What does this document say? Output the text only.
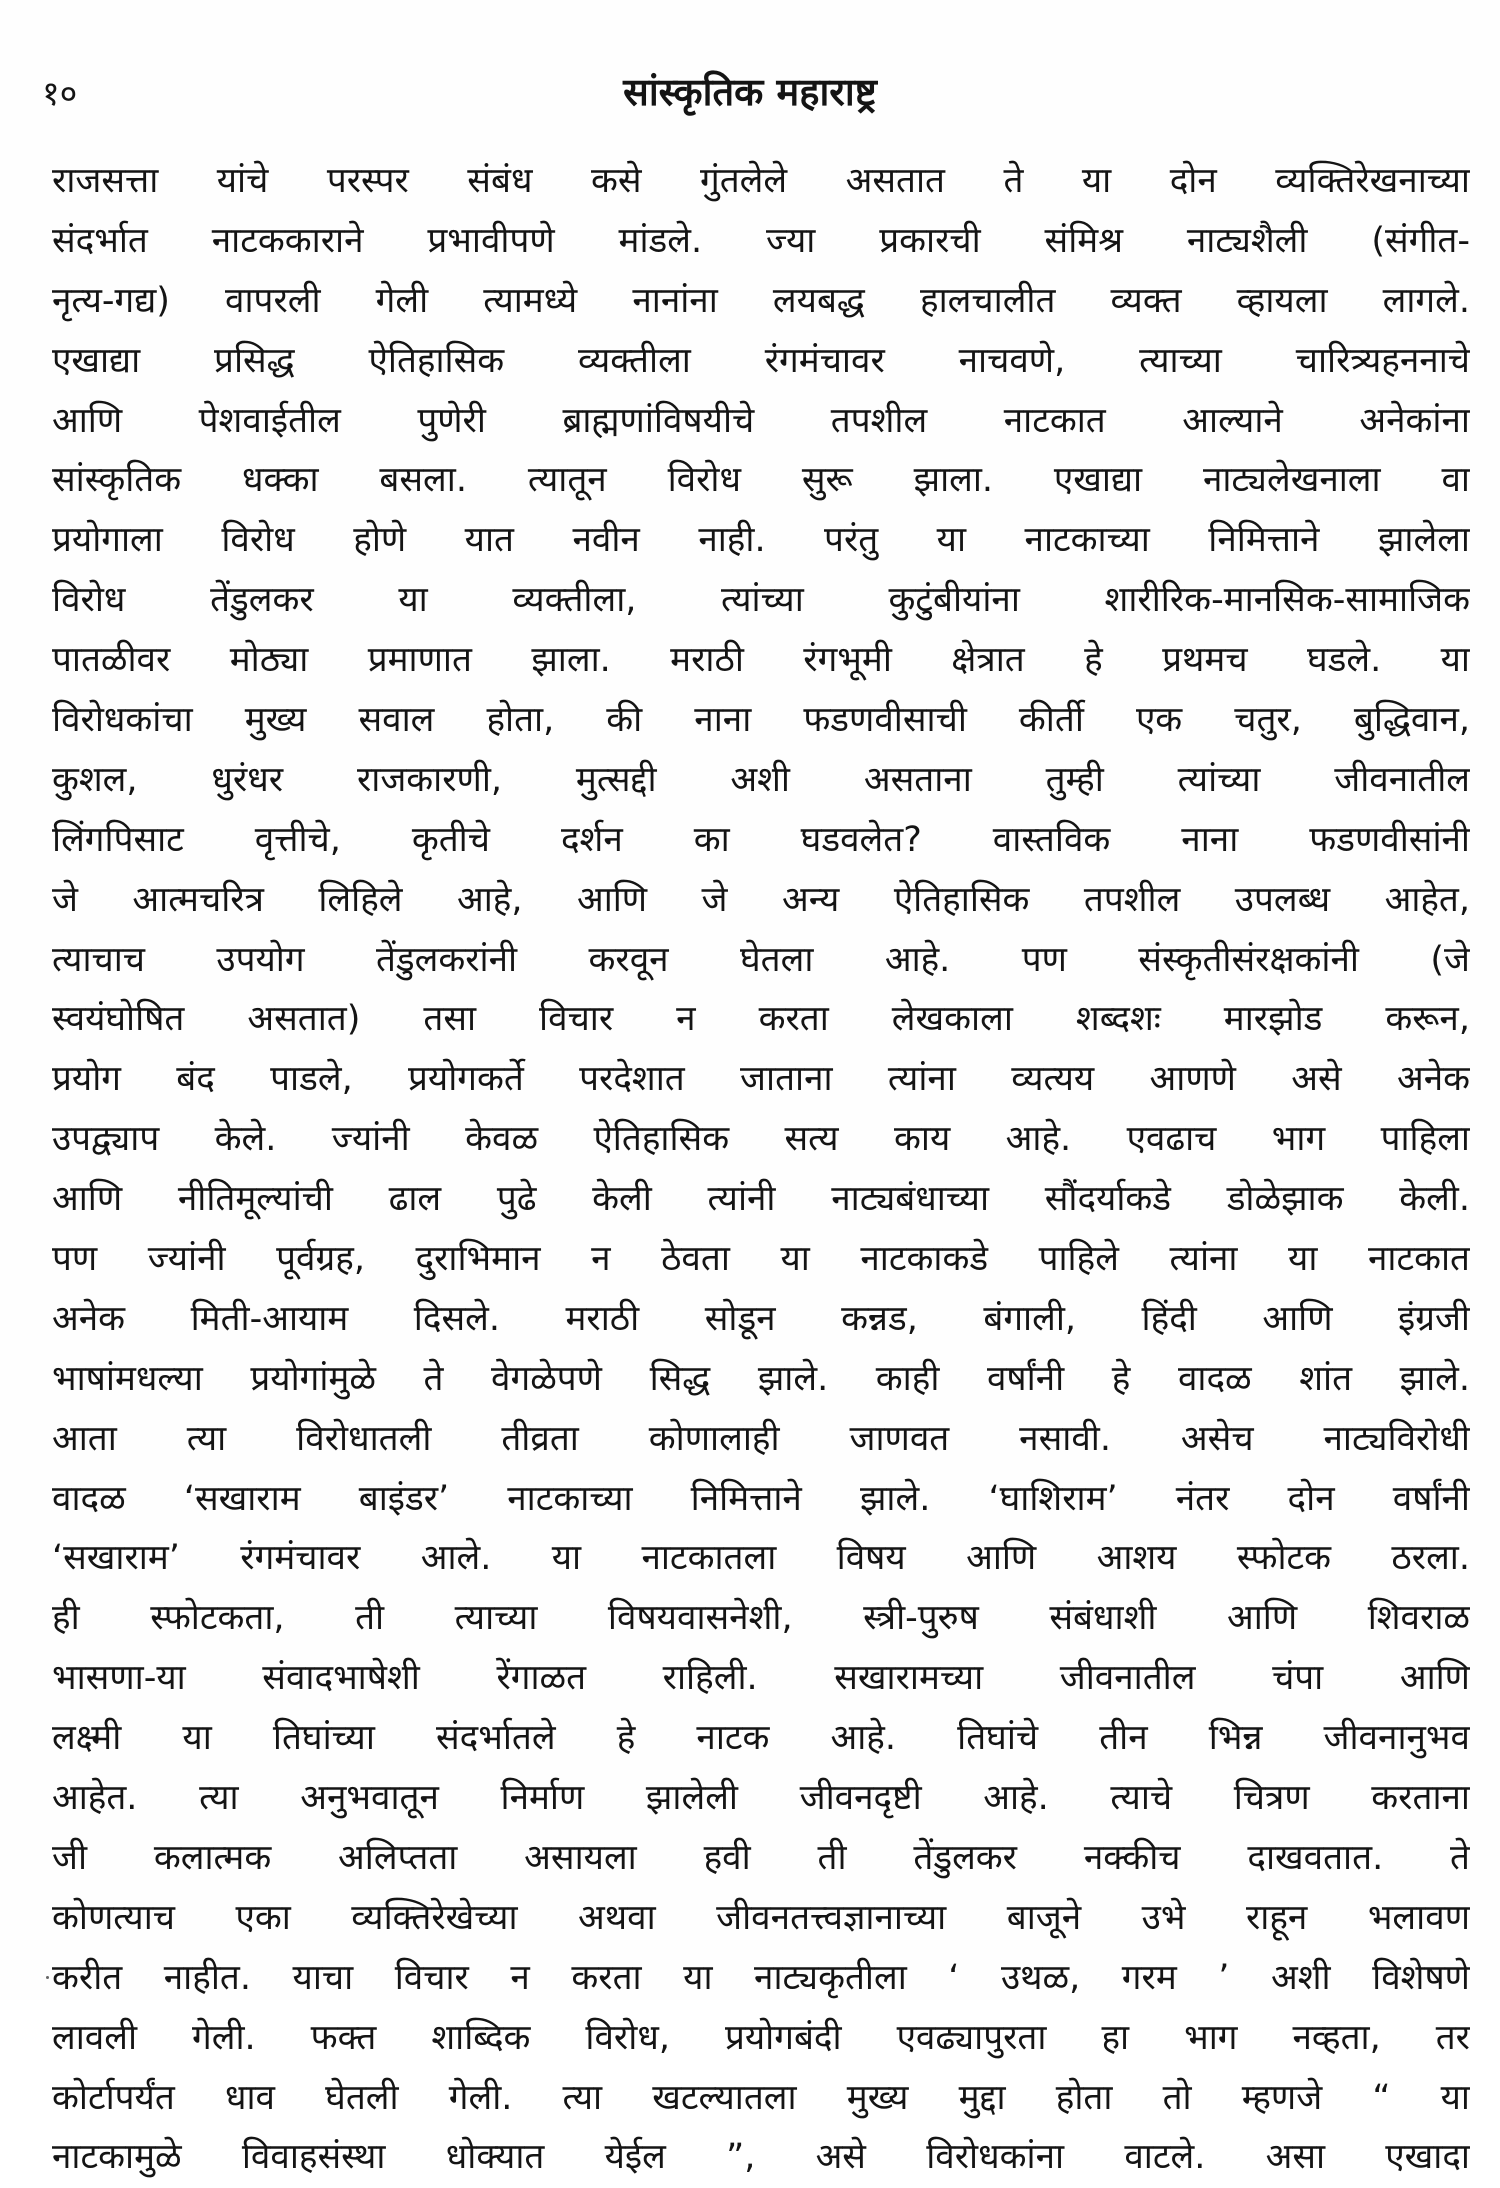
१०	सांस्कृतिक महाराष्ट्र
राजसत्ता यांचे परस्पर संबंध कसे गुंतलेले असतात ते या दोन व्यक्तिरेखनाच्या
संदर्भात नाटककाराने प्रभावीपणे मांडले. ज्या प्रकारची संमिश्र नाट्यशैली (संगीत-
नृत्य-गद्य) वापरली गेली त्यामध्ये नानांना लयबद्ध हालचालीत व्यक्त व्हायला लागले.
एखाद्या प्रसिद्ध ऐतिहासिक व्यक्तीला रंगमंचावर नाचवणे, त्याच्या चारित्र्यहननाचे
आणि पेशवाईतील पुणेरी ब्राह्मणांविषयीचे तपशील नाटकात आल्याने अनेकांना
सांस्कृतिक धक्का बसला. त्यातून विरोध सुरू झाला. एखाद्या नाट्यलेखनाला वा
प्रयोगाला विरोध होणे यात नवीन नाही. परंतु या नाटकाच्या निमित्ताने झालेला
विरोध तेंडुलकर या व्यक्तीला, त्यांच्या कुटुंबीयांना शारीरिक-मानसिक-सामाजिक
पातळीवर मोठ्या प्रमाणात झाला. मराठी रंगभूमी क्षेत्रात हे प्रथमच घडले. या
विरोधकांचा मुख्य सवाल होता, की नाना फडणवीसाची कीर्ती एक चतुर, बुद्धिवान,
कुशल, धुरंधर राजकारणी, मुत्सद्दी अशी असताना तुम्ही त्यांच्या जीवनातील
लिंगपिसाट वृत्तीचे, कृतीचे दर्शन का घडवलेत? वास्तविक नाना फडणवीसांनी
जे आत्मचरित्र लिहिले आहे, आणि जे अन्य ऐतिहासिक तपशील उपलब्ध आहेत,
त्याचाच उपयोग तेंडुलकरांनी करवून घेतला आहे. पण संस्कृतीसंरक्षकांनी (जे
स्वयंघोषित असतात) तसा विचार न करता लेखकाला शब्दशः मारझोड करून,
प्रयोग बंद पाडले, प्रयोगकर्ते परदेशात जाताना त्यांना व्यत्यय आणणे असे अनेक
उपद्व्याप केले. ज्यांनी केवळ ऐतिहासिक सत्य काय आहे. एवढाच भाग पाहिला
आणि नीतिमूल्यांची ढाल पुढे केली त्यांनी नाट्यबंधाच्या सौंदर्याकडे डोळेझाक केली.
पण ज्यांनी पूर्वग्रह, दुराभिमान न ठेवता या नाटकाकडे पाहिले त्यांना या नाटकात
अनेक मिती-आयाम दिसले. मराठी सोडून कन्नड, बंगाली, हिंदी आणि इंग्रजी
भाषांमधल्या प्रयोगांमुळे ते वेगळेपणे सिद्ध झाले. काही वर्षांनी हे वादळ शांत झाले.
आता त्या विरोधातली तीव्रता कोणालाही जाणवत नसावी. असेच नाट्यविरोधी
वादळ ‘सखाराम बाइंडर’ नाटकाच्या निमित्ताने झाले. ‘घाशिराम’ नंतर दोन वर्षांनी
‘सखाराम’ रंगमंचावर आले. या नाटकातला विषय आणि आशय स्फोटक ठरला.
ही स्फोटकता, ती त्याच्या विषयवासनेशी, स्त्री-पुरुष संबंधाशी आणि शिवराळ
भासणा-या संवादभाषेशी रेंगाळत राहिली. सखारामच्या जीवनातील चंपा आणि
लक्ष्मी या तिघांच्या संदर्भातले हे नाटक आहे. तिघांचे तीन भिन्न जीवनानुभव
आहेत. त्या अनुभवातून निर्माण झालेली जीवनदृष्टी आहे. त्याचे चित्रण करताना
जी कलात्मक अलिप्तता असायला हवी ती तेंडुलकर नक्कीच दाखवतात. ते
कोणत्याच एका व्यक्तिरेखेच्या अथवा जीवनतत्त्वज्ञानाच्या बाजूने उभे राहून भलावण
करीत नाहीत. याचा विचार न करता या नाट्यकृतीला ‘ उथळ, गरम ’ अशी विशेषणे
लावली गेली. फक्त शाब्दिक विरोध, प्रयोगबंदी एवढ्यापुरता हा भाग नव्हता, तर
कोर्टापर्यंत धाव घेतली गेली. त्या खटल्यातला मुख्य मुद्दा होता तो म्हणजे “ या
नाटकामुळे विवाहसंस्था धोक्यात येईल ”, असे विरोधकांना वाटले. असा एखादा
